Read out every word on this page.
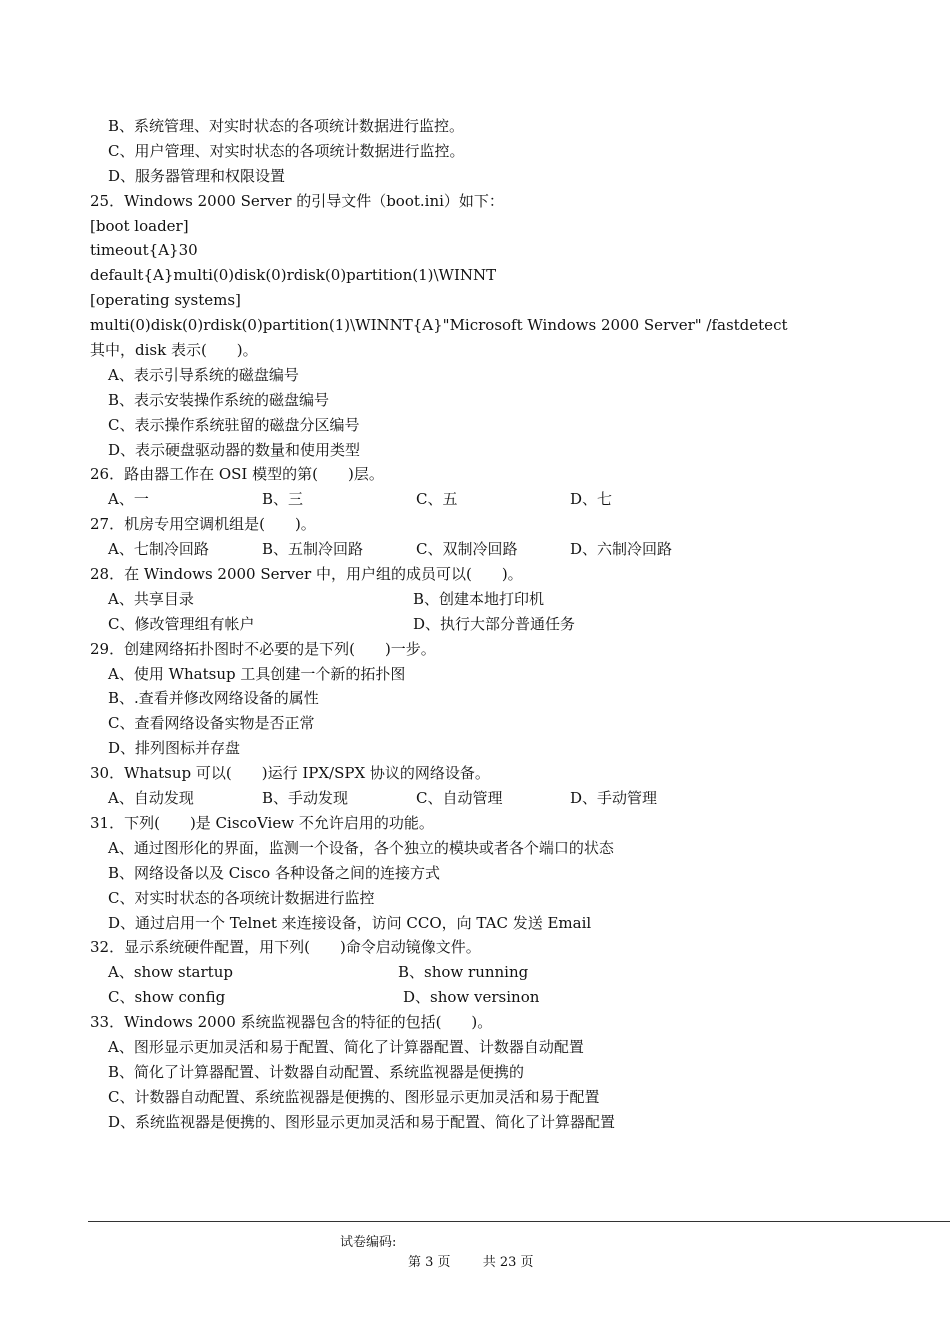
B、系统管理、对实时状态的各项统计数据进行监控。
C、用户管理、对实时状态的各项统计数据进行监控。
D、服务器管理和权限设置
25．Windows 2000 Server 的引导文件（boot.ini）如下：
[boot loader]
timeout{A}30
default{A}multi(0)disk(0)rdisk(0)partition(1)\WINNT
[operating systems]
multi(0)disk(0)rdisk(0)partition(1)\WINNT{A}"Microsoft Windows 2000 Server" /fastdetect
其中，disk 表示(　　)。
A、表示引导系统的磁盘编号
B、表示安装操作系统的磁盘编号
C、表示操作系统驻留的磁盘分区编号
D、表示硬盘驱动器的数量和使用类型
26．路由器工作在 OSI 模型的第(　　)层。
A、一	B、三	C、五	D、七
27．机房专用空调机组是(　　)。
A、七制冷回路	B、五制冷回路	C、双制冷回路	D、六制冷回路
28．在 Windows 2000 Server 中，用户组的成员可以(　　)。
A、共享目录	B、创建本地打印机
C、修改管理组有帐户	D、执行大部分普通任务
29．创建网络拓扑图时不必要的是下列(　　)一步。
A、使用 Whatsup 工具创建一个新的拓扑图
B、.查看并修改网络设备的属性
C、查看网络设备实物是否正常
D、排列图标并存盘
30．Whatsup 可以(　　)运行 IPX/SPX 协议的网络设备。
A、自动发现	B、手动发现	C、自动管理	D、手动管理
31．下列(　　)是 CiscoView 不允许启用的功能。
A、通过图形化的界面，监测一个设备，各个独立的模块或者各个端口的状态
B、网络设备以及 Cisco 各种设备之间的连接方式
C、对实时状态的各项统计数据进行监控
D、通过启用一个 Telnet 来连接设备，访问 CCO，向 TAC 发送 Email
32．显示系统硬件配置，用下列(　　)命令启动镜像文件。
A、show startup	B、show running
C、show config	D、show versinon
33．Windows 2000 系统监视器包含的特征的包括(　　)。
A、图形显示更加灵活和易于配置、简化了计算器配置、计数器自动配置
B、简化了计算器配置、计数器自动配置、系统监视器是便携的
C、计数器自动配置、系统监视器是便携的、图形显示更加灵活和易于配置
D、系统监视器是便携的、图形显示更加灵活和易于配置、简化了计算器配置
试卷编码:
第 3 页 共 23 页
